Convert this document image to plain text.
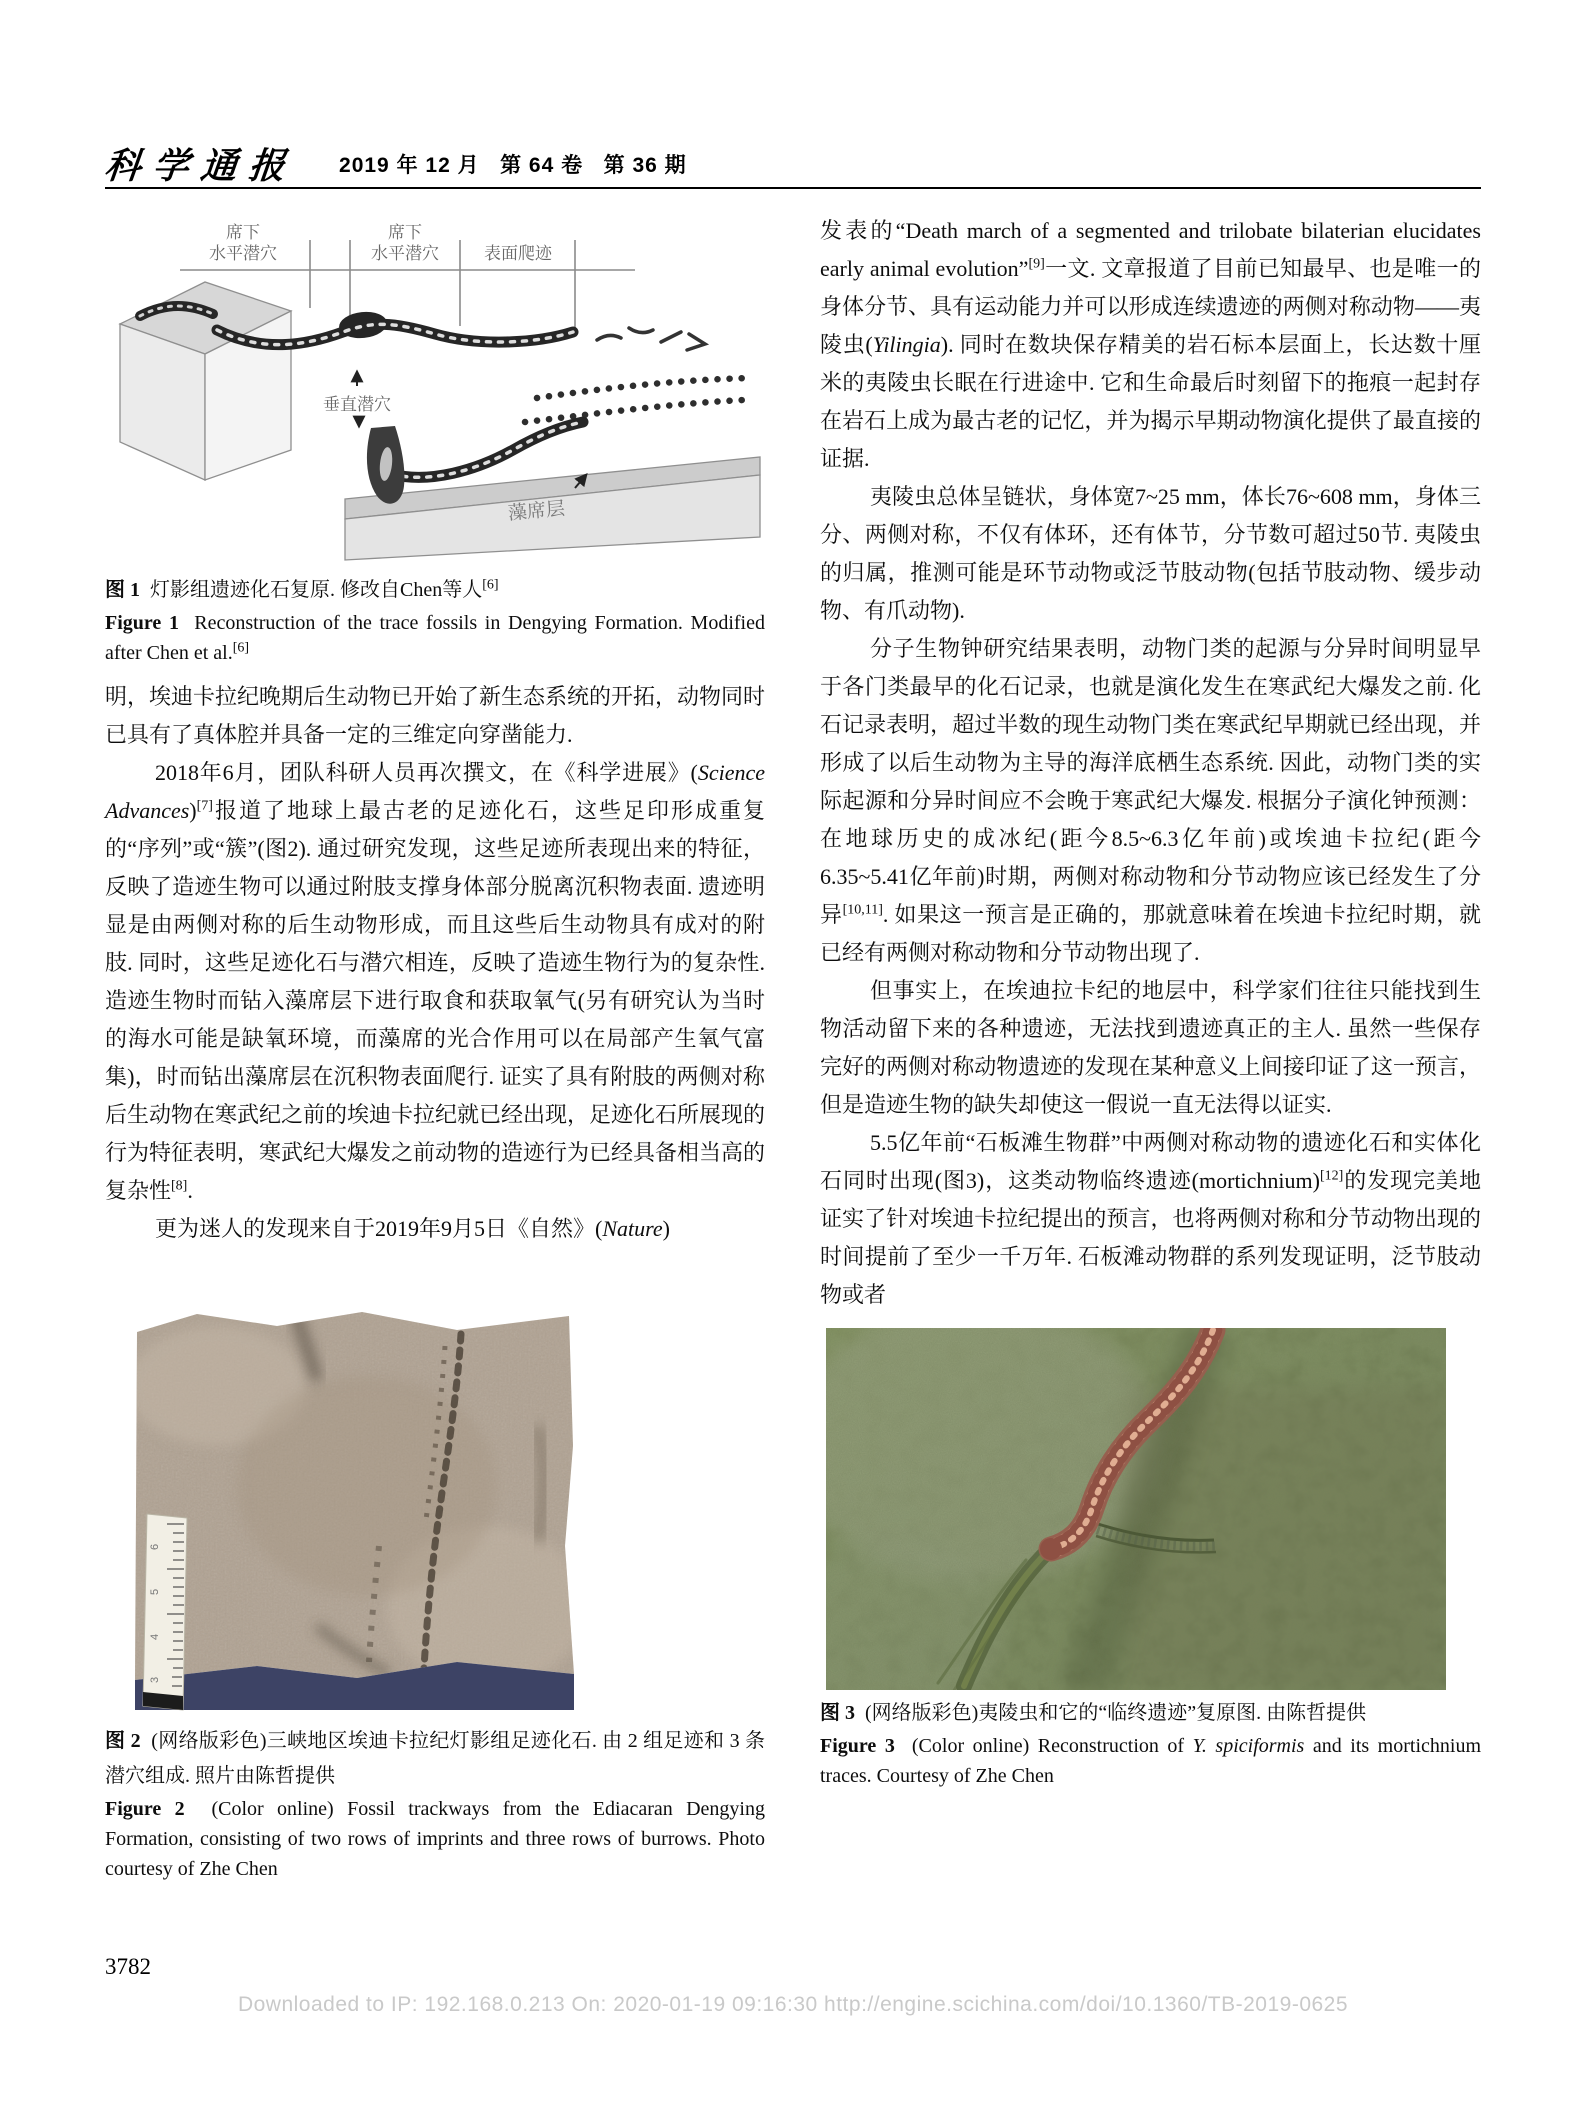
科学通报 2019 年 12 月   第 64 卷   第 36 期
席下水平潜穴
席下水平潜穴	表面爬迹
垂直潜穴
藻席层
图 1  灯影组遗迹化石复原. 修改自Chen等人[6]
Figure 1  Reconstruction of the trace fossils in Dengying Formation. Modified after Chen et al.[6]

明，埃迪卡拉纪晚期后生动物已开始了新生态系统的开拓，动物同时已具有了真体腔并具备一定的三维定向穿凿能力.

2018年6月，团队科研人员再次撰文，在《科学进展》(Science Advances)[7]报道了地球上最古老的足迹化石，这些足印形成重复的“序列”或“簇”(图2). 通过研究发现，这些足迹所表现出来的特征，反映了造迹生物可以通过附肢支撑身体部分脱离沉积物表面. 遗迹明显是由两侧对称的后生动物形成，而且这些后生动物具有成对的附肢. 同时，这些足迹化石与潜穴相连，反映了造迹生物行为的复杂性. 造迹生物时而钻入藻席层下进行取食和获取氧气(另有研究认为当时的海水可能是缺氧环境，而藻席的光合作用可以在局部产生氧气富集)，时而钻出藻席层在沉积物表面爬行. 证实了具有附肢的两侧对称后生动物在寒武纪之前的埃迪卡拉纪就已经出现，足迹化石所展现的行为特征表明，寒武纪大爆发之前动物的造迹行为已经具备相当高的复杂性[8].

更为迷人的发现来自于2019年9月5日《自然》(Nature)

6
5
4
3
图 2  (网络版彩色)三峡地区埃迪卡拉纪灯影组足迹化石. 由 2 组足迹和 3 条潜穴组成. 照片由陈哲提供
Figure 2  (Color online) Fossil trackways from the Ediacaran Dengying Formation, consisting of two rows of imprints and three rows of burrows. Photo courtesy of Zhe Chen

发表的“Death march of a segmented and trilobate bilaterian elucidates early animal evolution”[9]一文. 文章报道了目前已知最早、也是唯一的身体分节、具有运动能力并可以形成连续遗迹的两侧对称动物——夷陵虫(Yilingia). 同时在数块保存精美的岩石标本层面上，长达数十厘米的夷陵虫长眠在行进途中. 它和生命最后时刻留下的拖痕一起封存在岩石上成为最古老的记忆，并为揭示早期动物演化提供了最直接的证据.

夷陵虫总体呈链状，身体宽7~25 mm，体长76~608 mm，身体三分、两侧对称，不仅有体环，还有体节，分节数可超过50节. 夷陵虫的归属，推测可能是环节动物或泛节肢动物(包括节肢动物、缓步动物、有爪动物).

分子生物钟研究结果表明，动物门类的起源与分异时间明显早于各门类最早的化石记录，也就是演化发生在寒武纪大爆发之前. 化石记录表明，超过半数的现生动物门类在寒武纪早期就已经出现，并形成了以后生动物为主导的海洋底栖生态系统. 因此，动物门类的实际起源和分异时间应不会晚于寒武纪大爆发. 根据分子演化钟预测：在地球历史的成冰纪(距今8.5~6.3亿年前)或埃迪卡拉纪(距今6.35~5.41亿年前)时期，两侧对称动物和分节动物应该已经发生了分异[10,11]. 如果这一预言是正确的，那就意味着在埃迪卡拉纪时期，就已经有两侧对称动物和分节动物出现了.

但事实上，在埃迪拉卡纪的地层中，科学家们往往只能找到生物活动留下来的各种遗迹，无法找到遗迹真正的主人. 虽然一些保存完好的两侧对称动物遗迹的发现在某种意义上间接印证了这一预言，但是造迹生物的缺失却使这一假说一直无法得以证实.

5.5亿年前“石板滩生物群”中两侧对称动物的遗迹化石和实体化石同时出现(图3)，这类动物临终遗迹(mortichnium)[12]的发现完美地证实了针对埃迪卡拉纪提出的预言，也将两侧对称和分节动物出现的时间提前了至少一千万年. 石板滩动物群的系列发现证明，泛节肢动物或者

图 3  (网络版彩色)夷陵虫和它的“临终遗迹”复原图. 由陈哲提供
Figure 3  (Color online) Reconstruction of Y. spiciformis and its mortichnium traces. Courtesy of Zhe Chen
3782
Downloaded to IP: 192.168.0.213 On: 2020-01-19 09:16:30 http://engine.scichina.com/doi/10.1360/TB-2019-0625
